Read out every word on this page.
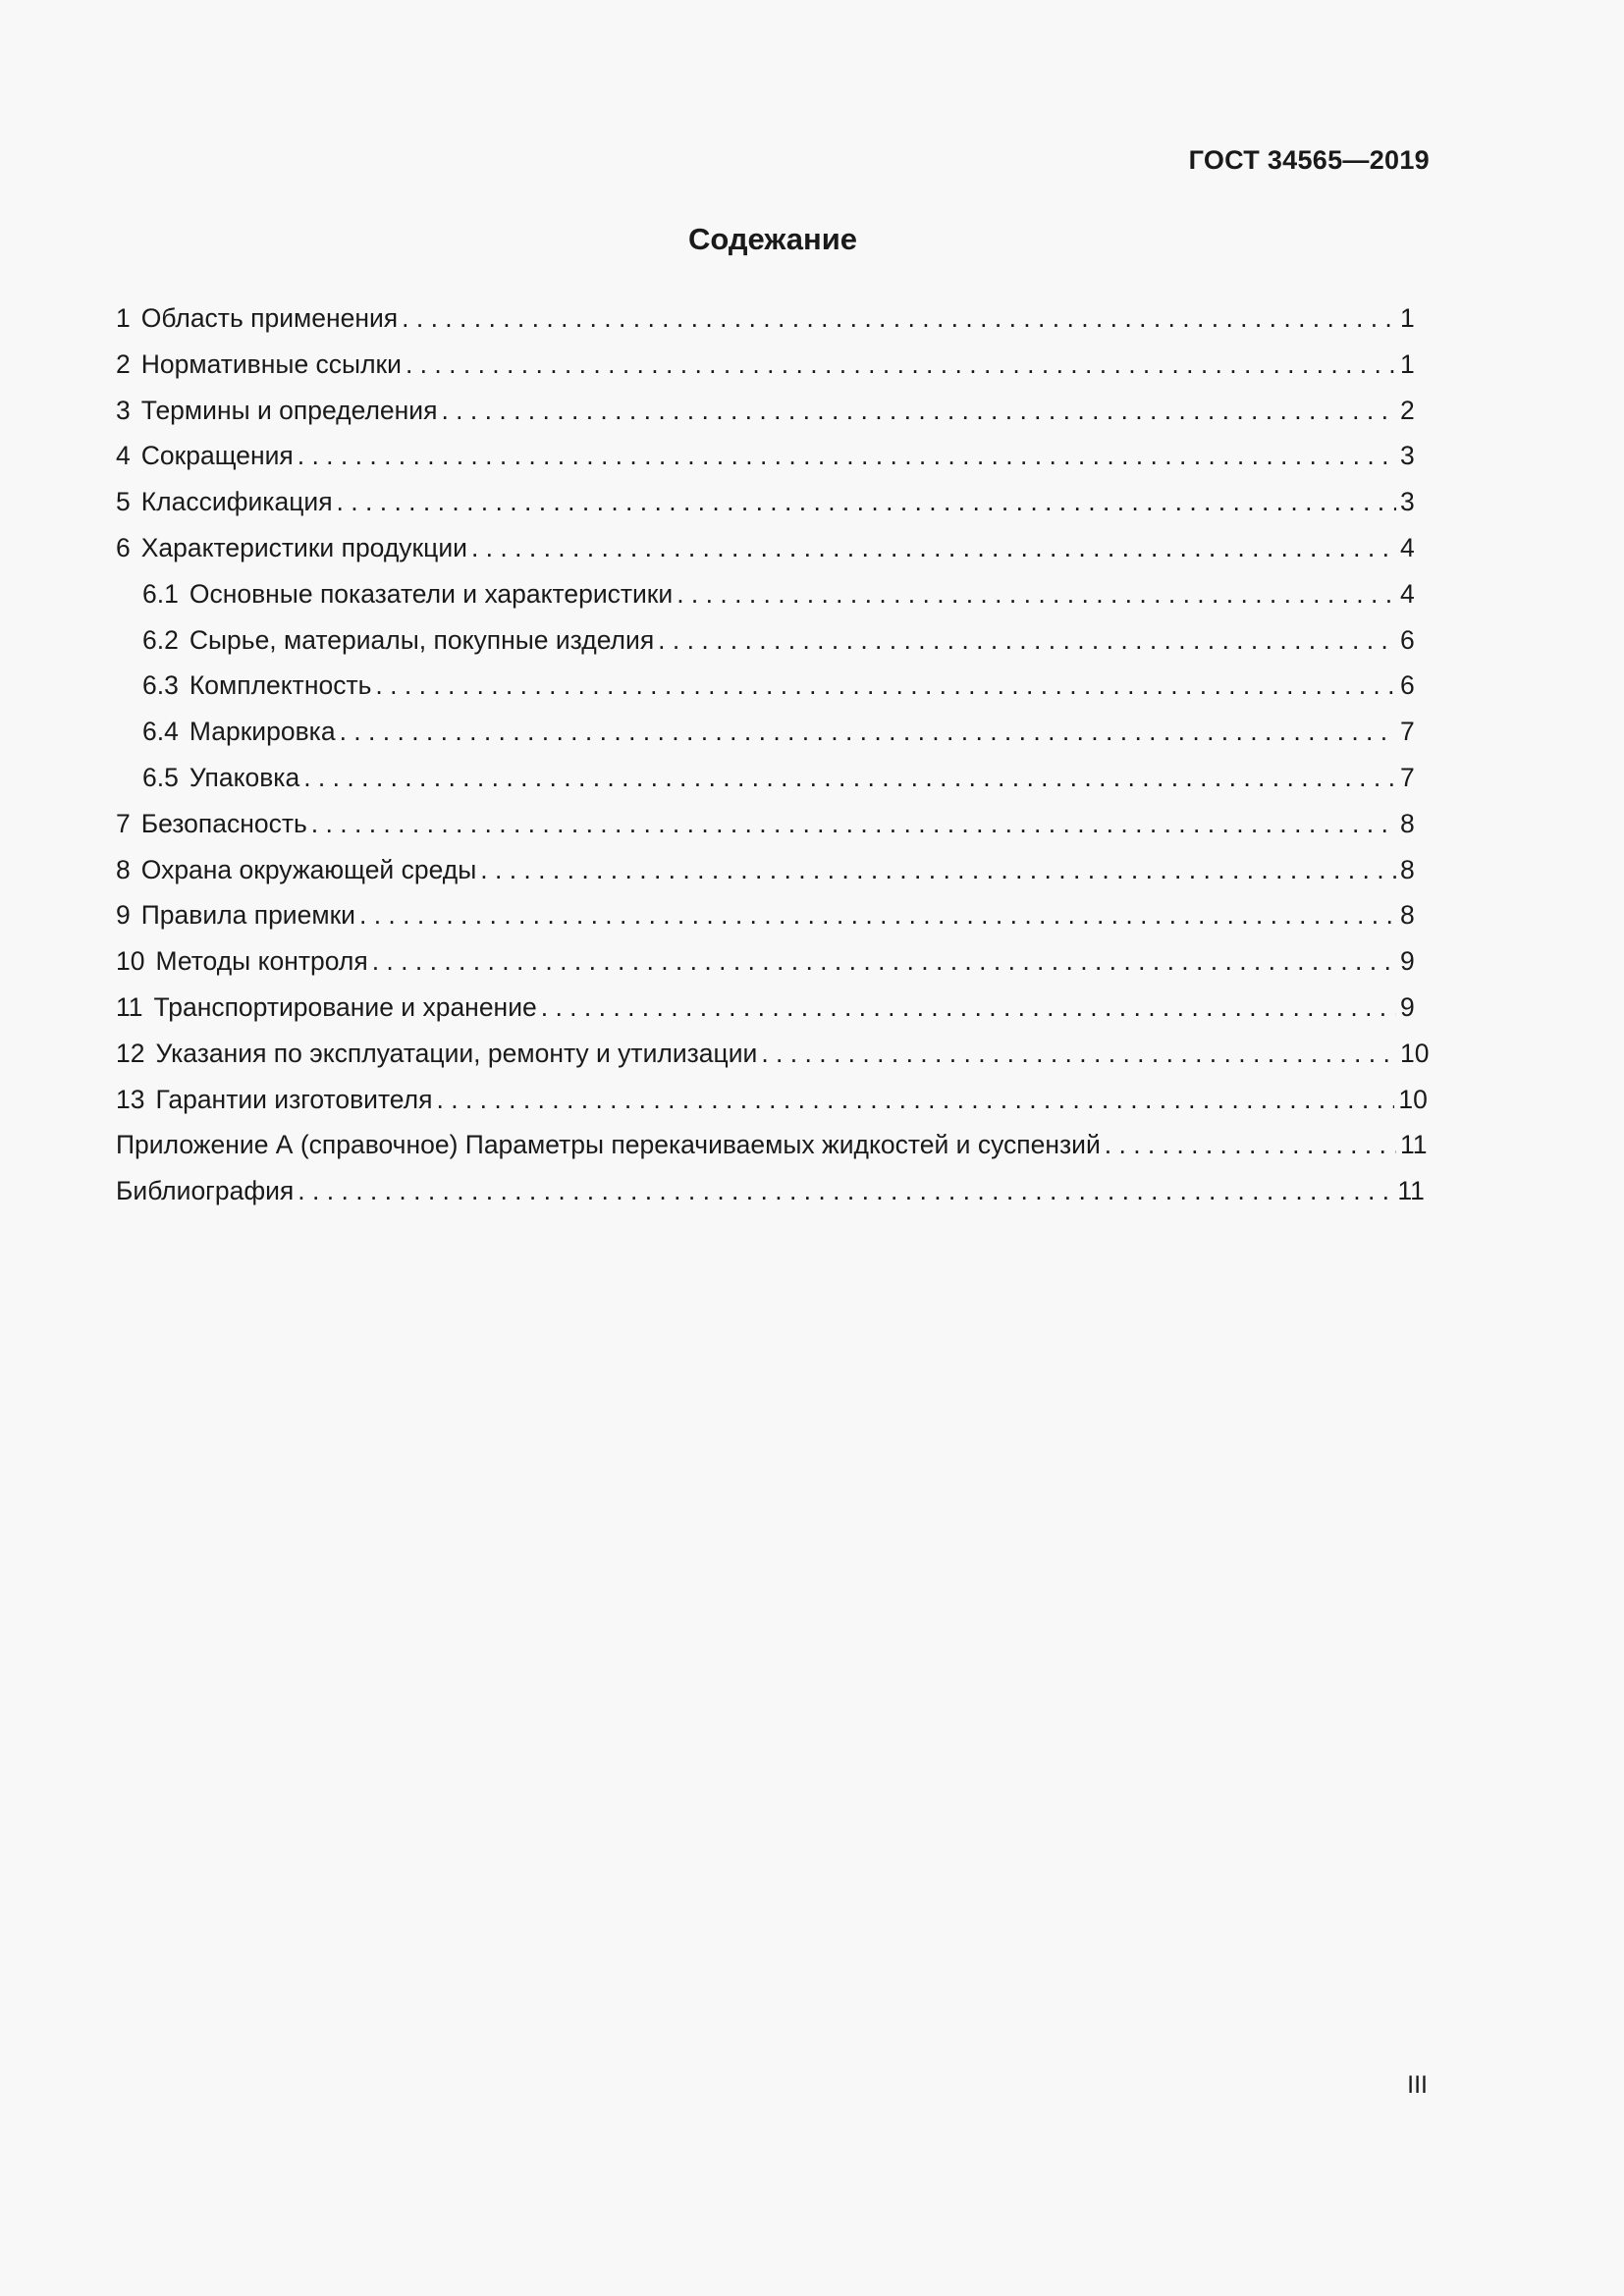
ГОСТ 34565—2019
Содежание
1 Область применения . . .	1
2 Нормативные ссылки . . .	1
3 Термины и определения . . .	2
4 Сокращения . . .	3
5 Классификация . . .	3
6 Характеристики продукции . . .	4
6.1 Основные показатели и характеристики . . .	4
6.2 Сырье, материалы, покупные изделия . . .	6
6.3 Комплектность . . .	6
6.4 Маркировка . . .	7
6.5 Упаковка . . .	7
7 Безопасность . . .	8
8 Охрана окружающей среды . . .	8
9 Правила приемки . . .	8
10 Методы контроля . . .	9
11 Транспортирование и хранение . . .	9
12 Указания по эксплуатации, ремонту и утилизации . . .	10
13 Гарантии изготовителя . . .	10
Приложение А (справочное) Параметры перекачиваемых жидкостей и суспензий . . .	11
Библиография . . .	11
III
